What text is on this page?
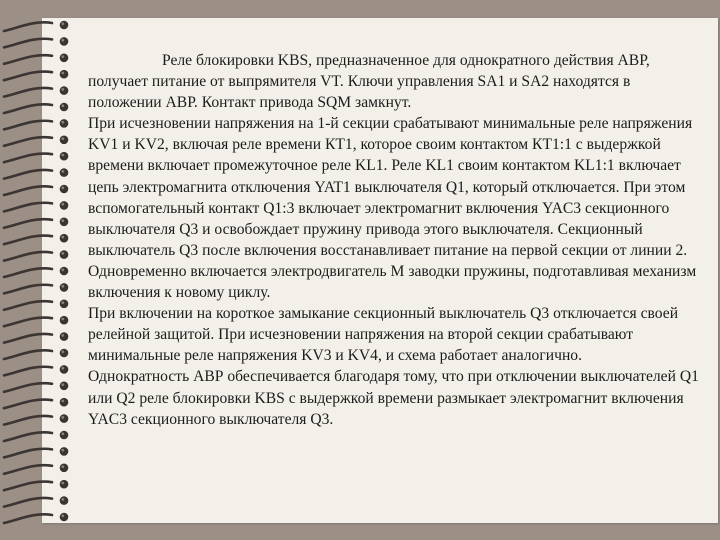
Реле блокировки KBS, предназначенное для однократного действия АВР, получает питание от выпрямителя VT. Ключи управления SA1 и SA2 находятся в положении АВР. Контакт привода SQM замкнут.

При исчезновении напряжения на 1-й секции срабатывают минимальные реле напряжения KV1 и KV2, включая реле времени КТ1, которое своим контактом КТ1:1 с выдержкой времени включает промежуточное реле KL1. Реле KL1 своим контактом KL1:1 включает цепь электромагнита отключения YAT1 выключателя Q1, который отключается. При этом вспомогательный контакт Q1:3 включает электромагнит включения YAC3 секционного выключателя Q3 и освобождает пружину привода этого выключателя. Секционный выключатель Q3 после включения восстанавливает питание на первой секции от линии 2. Одновременно включается электродвигатель М заводки пружины, подготавливая механизм включения к новому циклу.

При включении на короткое замыкание секционный выключатель Q3 отключается своей релейной защитой. При исчезновении напряжения на второй секции срабатывают минимальные реле напряжения KV3 и KV4, и схема работает аналогично.

Однократность АВР обеспечивается благодаря тому, что при отключении выключателей Q1 или Q2 реле блокировки KBS с выдержкой времени размыкает электромагнит включения YAC3 секционного выключателя Q3.
